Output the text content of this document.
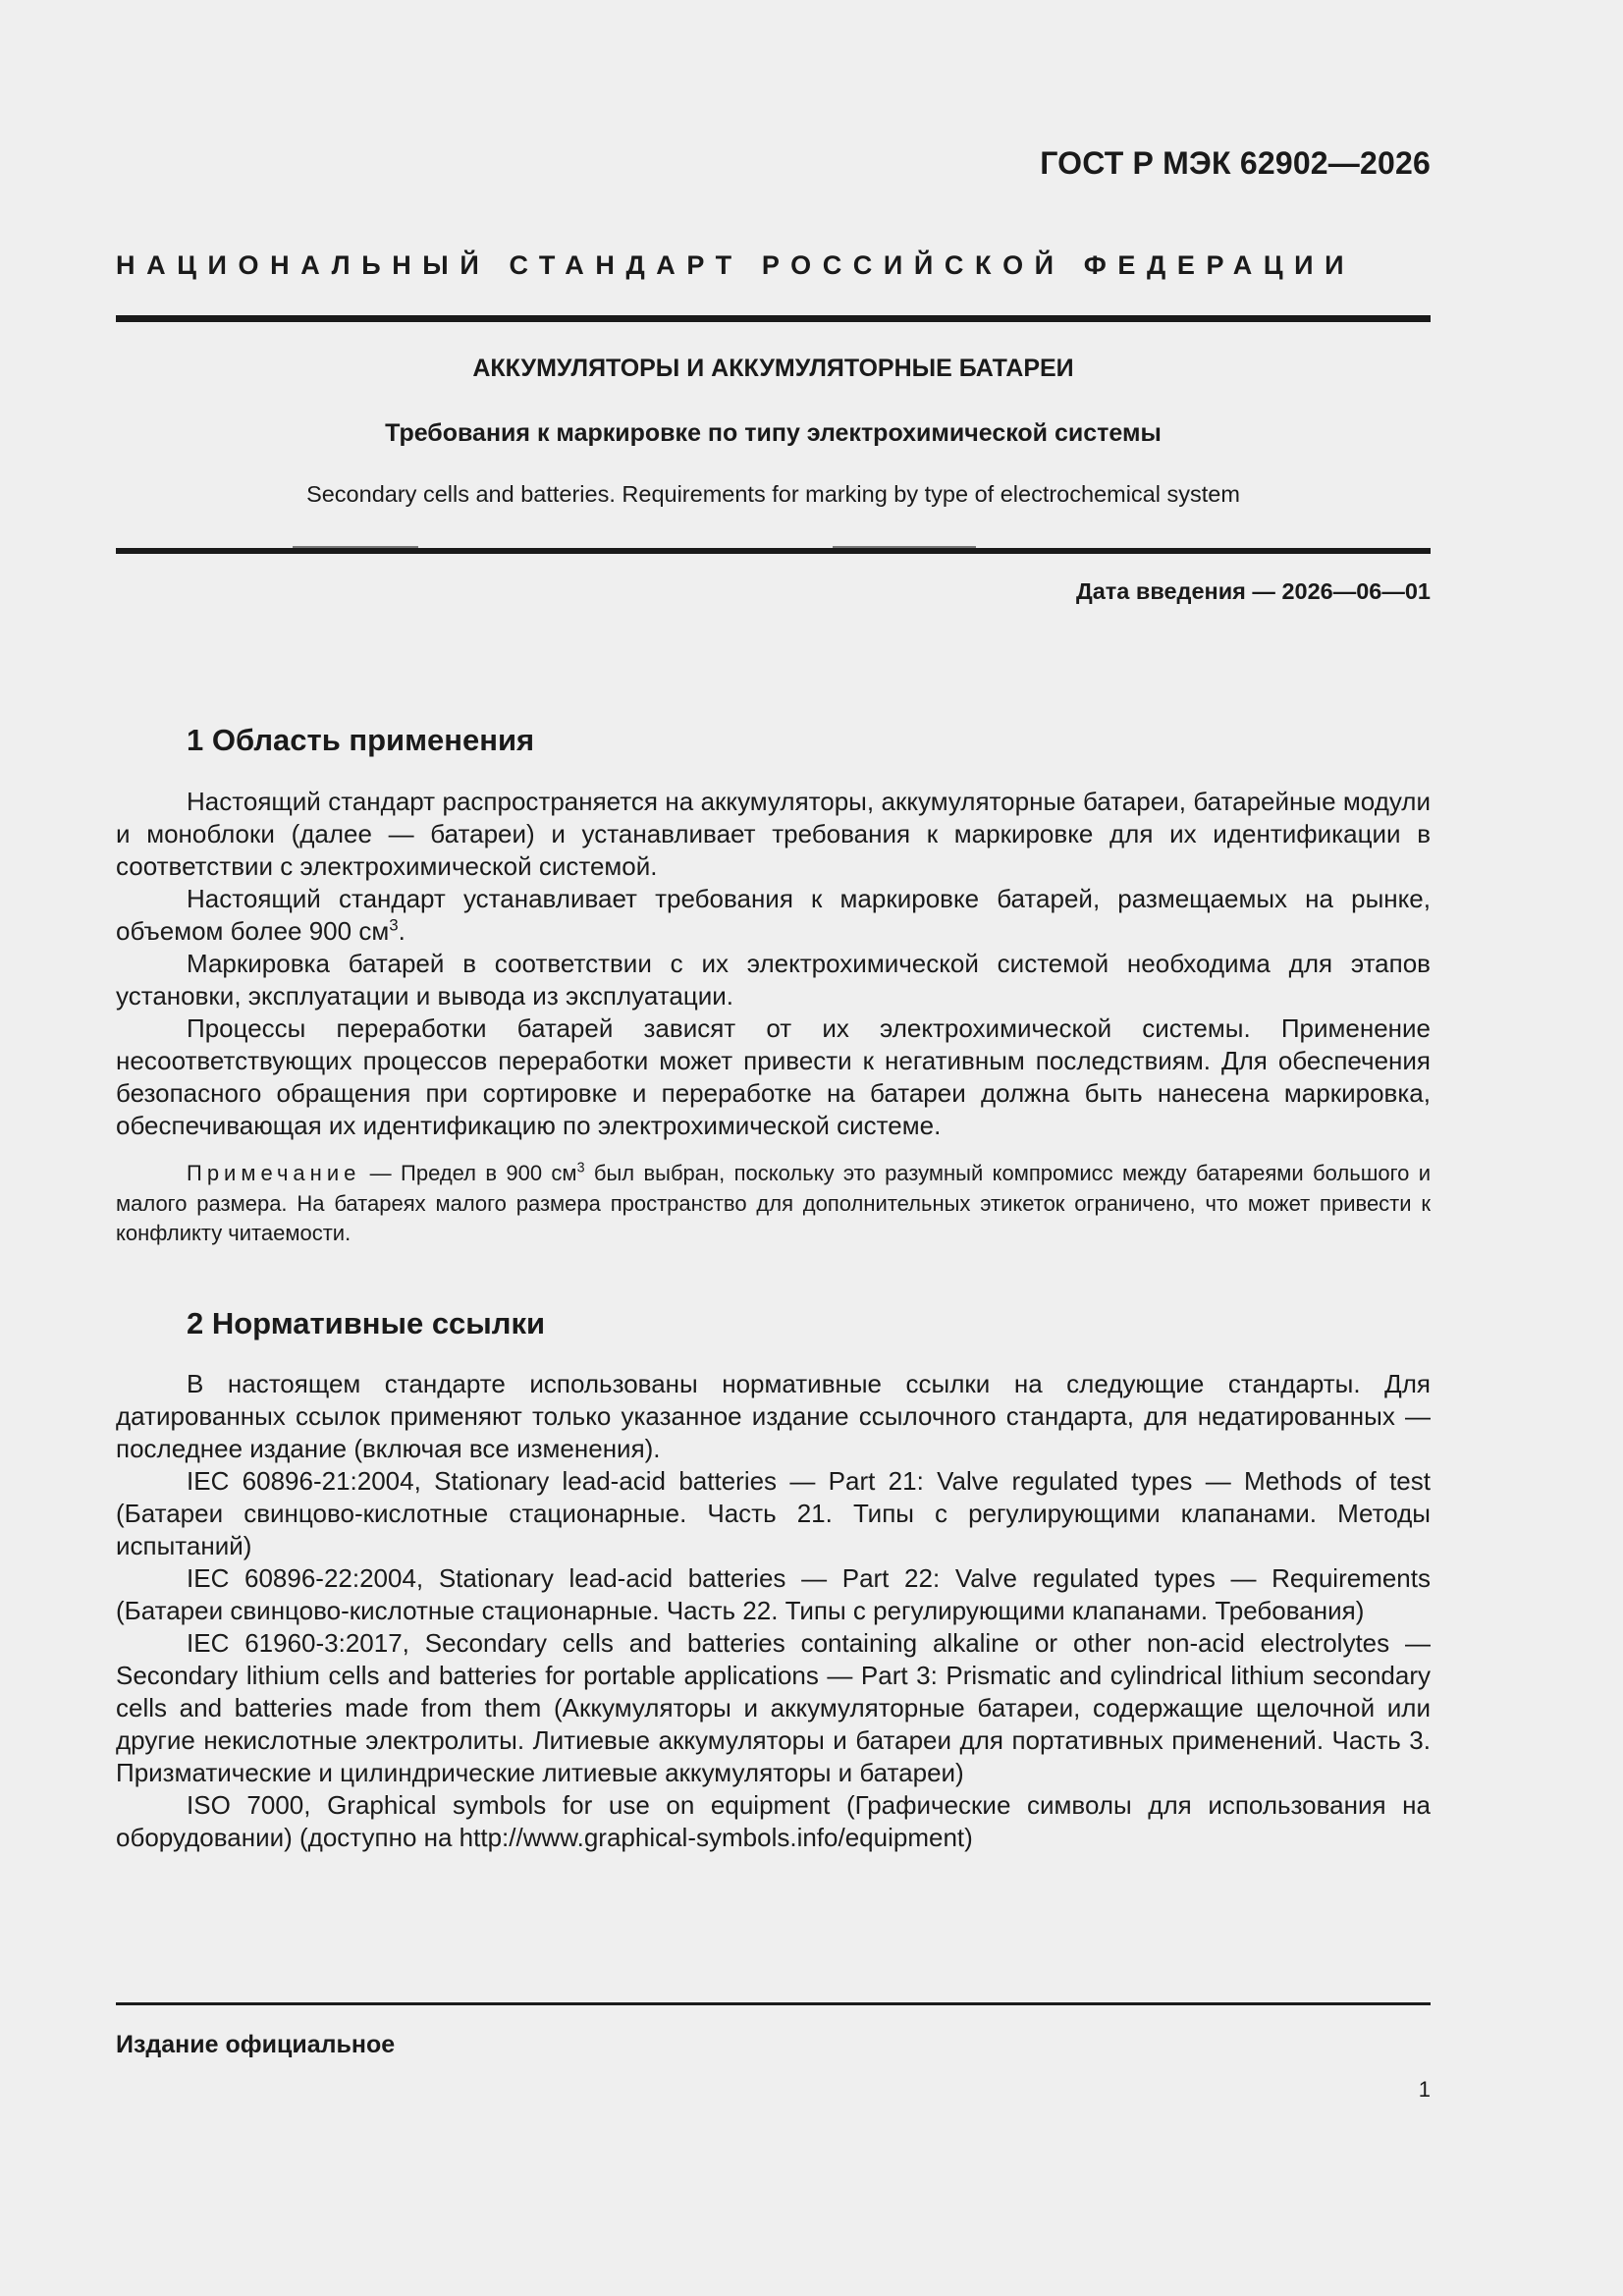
ГОСТ Р МЭК 62902—2026
НАЦИОНАЛЬНЫЙ СТАНДАРТ РОССИЙСКОЙ ФЕДЕРАЦИИ
АККУМУЛЯТОРЫ И АККУМУЛЯТОРНЫЕ БАТАРЕИ
Требования к маркировке по типу электрохимической системы
Secondary cells and batteries. Requirements for marking by type of electrochemical system
Дата введения — 2026—06—01
1 Область применения

Настоящий стандарт распространяется на аккумуляторы, аккумуляторные батареи, батарейные модули и моноблоки (далее — батареи) и устанавливает требования к маркировке для их идентификации в соответствии с электрохимической системой.

Настоящий стандарт устанавливает требования к маркировке батарей, размещаемых на рынке, объемом более 900 $см^3$.

Маркировка батарей в соответствии с их электрохимической системой необходима для этапов установки, эксплуатации и вывода из эксплуатации.

Процессы переработки батарей зависят от их электрохимической системы. Применение несоответствующих процессов переработки может привести к негативным последствиям. Для обеспечения безопасного обращения при сортировке и переработке на батареи должна быть нанесена маркировка, обеспечивающая их идентификацию по электрохимической системе.

Примечание — Предел в 900 $см^3$ был выбран, поскольку это разумный компромисс между батареями большого и малого размера. На батареях малого размера пространство для дополнительных этикеток ограничено, что может привести к конфликту читаемости.

2 Нормативные ссылки

В настоящем стандарте использованы нормативные ссылки на следующие стандарты. Для датированных ссылок применяют только указанное издание ссылочного стандарта, для недатированных — последнее издание (включая все изменения).

IEC 60896-21:2004, Stationary lead-acid batteries — Part 21: Valve regulated types — Methods of test (Батареи свинцово-кислотные стационарные. Часть 21. Типы с регулирующими клапанами. Методы испытаний)

IEC 60896-22:2004, Stationary lead-acid batteries — Part 22: Valve regulated types — Requirements (Батареи свинцово-кислотные стационарные. Часть 22. Типы с регулирующими клапанами. Требования)

IEC 61960-3:2017, Secondary cells and batteries containing alkaline or other non-acid electrolytes — Secondary lithium cells and batteries for portable applications — Part 3: Prismatic and cylindrical lithium secondary cells and batteries made from them (Аккумуляторы и аккумуляторные батареи, содержащие щелочной или другие некислотные электролиты. Литиевые аккумуляторы и батареи для портативных применений. Часть 3. Призматические и цилиндрические литиевые аккумуляторы и батареи)

ISO 7000, Graphical symbols for use on equipment (Графические символы для использования на оборудовании) (доступно на http://www.graphical-symbols.info/equipment)

Издание официальное
1
